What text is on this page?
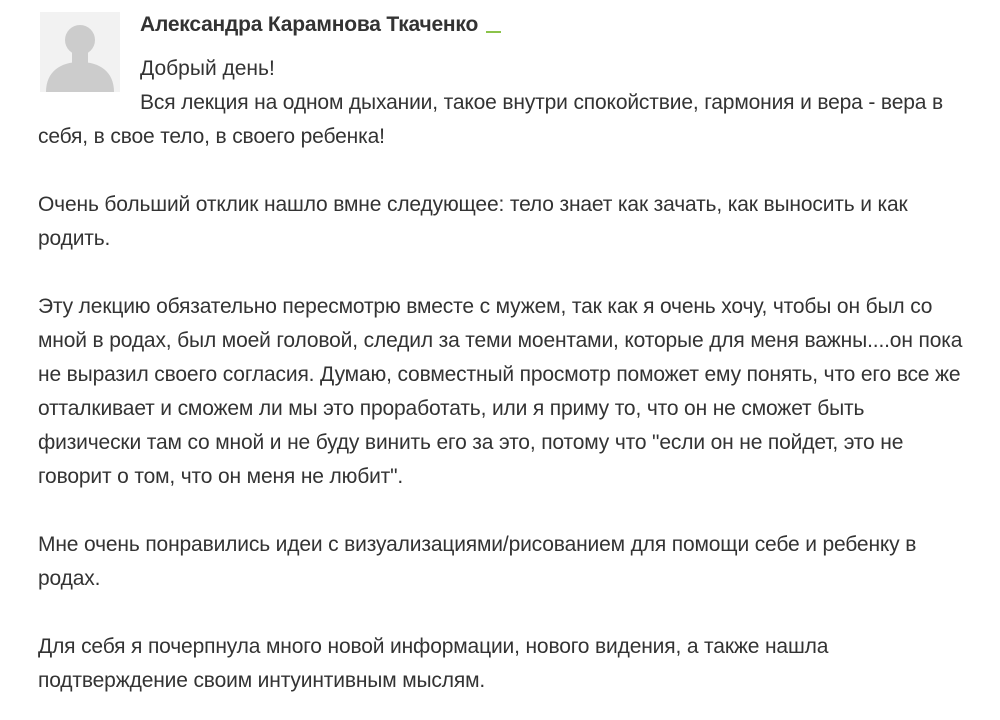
Александра Карамнова Ткаченко
Добрый день!

Вся лекция на одном дыхании, такое внутри спокойствие, гармония и вера - вера в себя, в свое тело, в своего ребенка!

Очень больший отклик нашло вмне следующее: тело знает как зачать, как выносить и как родить.

Эту лекцию обязательно пересмотрю вместе с мужем, так как я очень хочу, чтобы он был со мной в родах, был моей головой, следил за теми моентами, которые для меня важны....он пока не выразил своего согласия. Думаю, совместный просмотр поможет ему понять, что его все же отталкивает и сможем ли мы это проработать, или я приму то, что он не сможет быть физически там со мной и не буду винить его за это, потому что "если он не пойдет, это не говорит о том, что он меня не любит".

Мне очень понравились идеи с визуализациями/рисованием для помощи себе и ребенку в родах.

Для себя я почерпнула много новой информации, нового видения, а также нашла подтверждение своим интуинтивным мыслям.
